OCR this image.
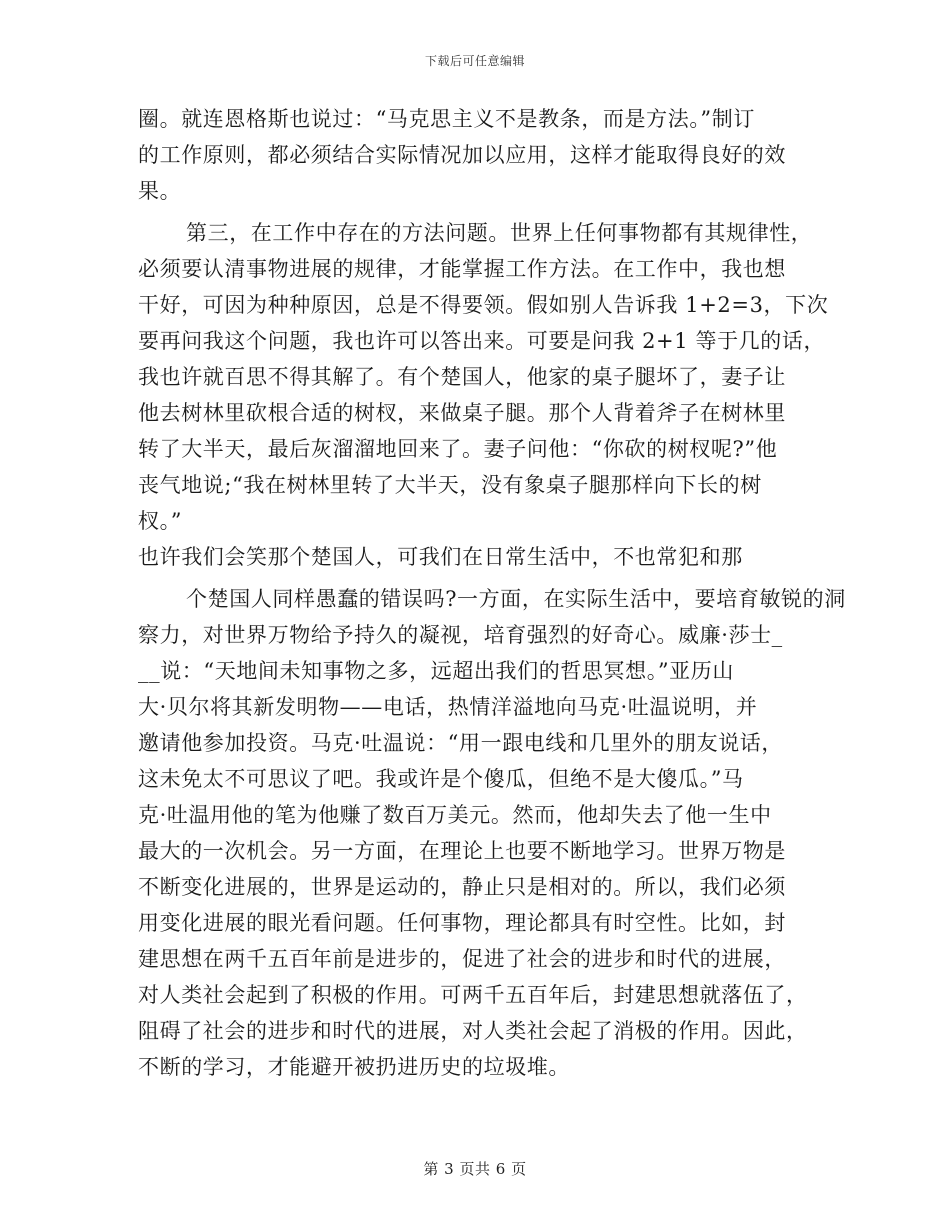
下载后可任意编辑
圈。就连恩格斯也说过：“马克思主义不是教条，而是方法。”制订
的工作原则，都必须结合实际情况加以应用，这样才能取得良好的效
果。
第三，在工作中存在的方法问题。世界上任何事物都有其规律性，
必须要认清事物进展的规律，才能掌握工作方法。在工作中，我也想
干好，可因为种种原因，总是不得要领。假如别人告诉我 1+2=3，下次
要再问我这个问题，我也许可以答出来。可要是问我 2+1 等于几的话，
我也许就百思不得其解了。有个楚国人，他家的桌子腿坏了，妻子让
他去树林里砍根合适的树杈，来做桌子腿。那个人背着斧子在树林里
转了大半天，最后灰溜溜地回来了。妻子问他：“你砍的树杈呢?”他
丧气地说;“我在树林里转了大半天，没有象桌子腿那样向下长的树
杈。”
也许我们会笑那个楚国人，可我们在日常生活中，不也常犯和那
个楚国人同样愚蠢的错误吗?一方面，在实际生活中，要培育敏锐的洞
察力，对世界万物给予持久的凝视，培育强烈的好奇心。威廉·莎士_
__说：“天地间未知事物之多，远超出我们的哲思冥想。”亚历山
大·贝尔将其新发明物——电话，热情洋溢地向马克·吐温说明，并
邀请他参加投资。马克·吐温说：“用一跟电线和几里外的朋友说话，
这未免太不可思议了吧。我或许是个傻瓜，但绝不是大傻瓜。”马
克·吐温用他的笔为他赚了数百万美元。然而，他却失去了他一生中
最大的一次机会。另一方面，在理论上也要不断地学习。世界万物是
不断变化进展的，世界是运动的，静止只是相对的。所以，我们必须
用变化进展的眼光看问题。任何事物，理论都具有时空性。比如，封
建思想在两千五百年前是进步的，促进了社会的进步和时代的进展，
对人类社会起到了积极的作用。可两千五百年后，封建思想就落伍了，
阻碍了社会的进步和时代的进展，对人类社会起了消极的作用。因此，
不断的学习，才能避开被扔进历史的垃圾堆。
第 3 页共 6 页
